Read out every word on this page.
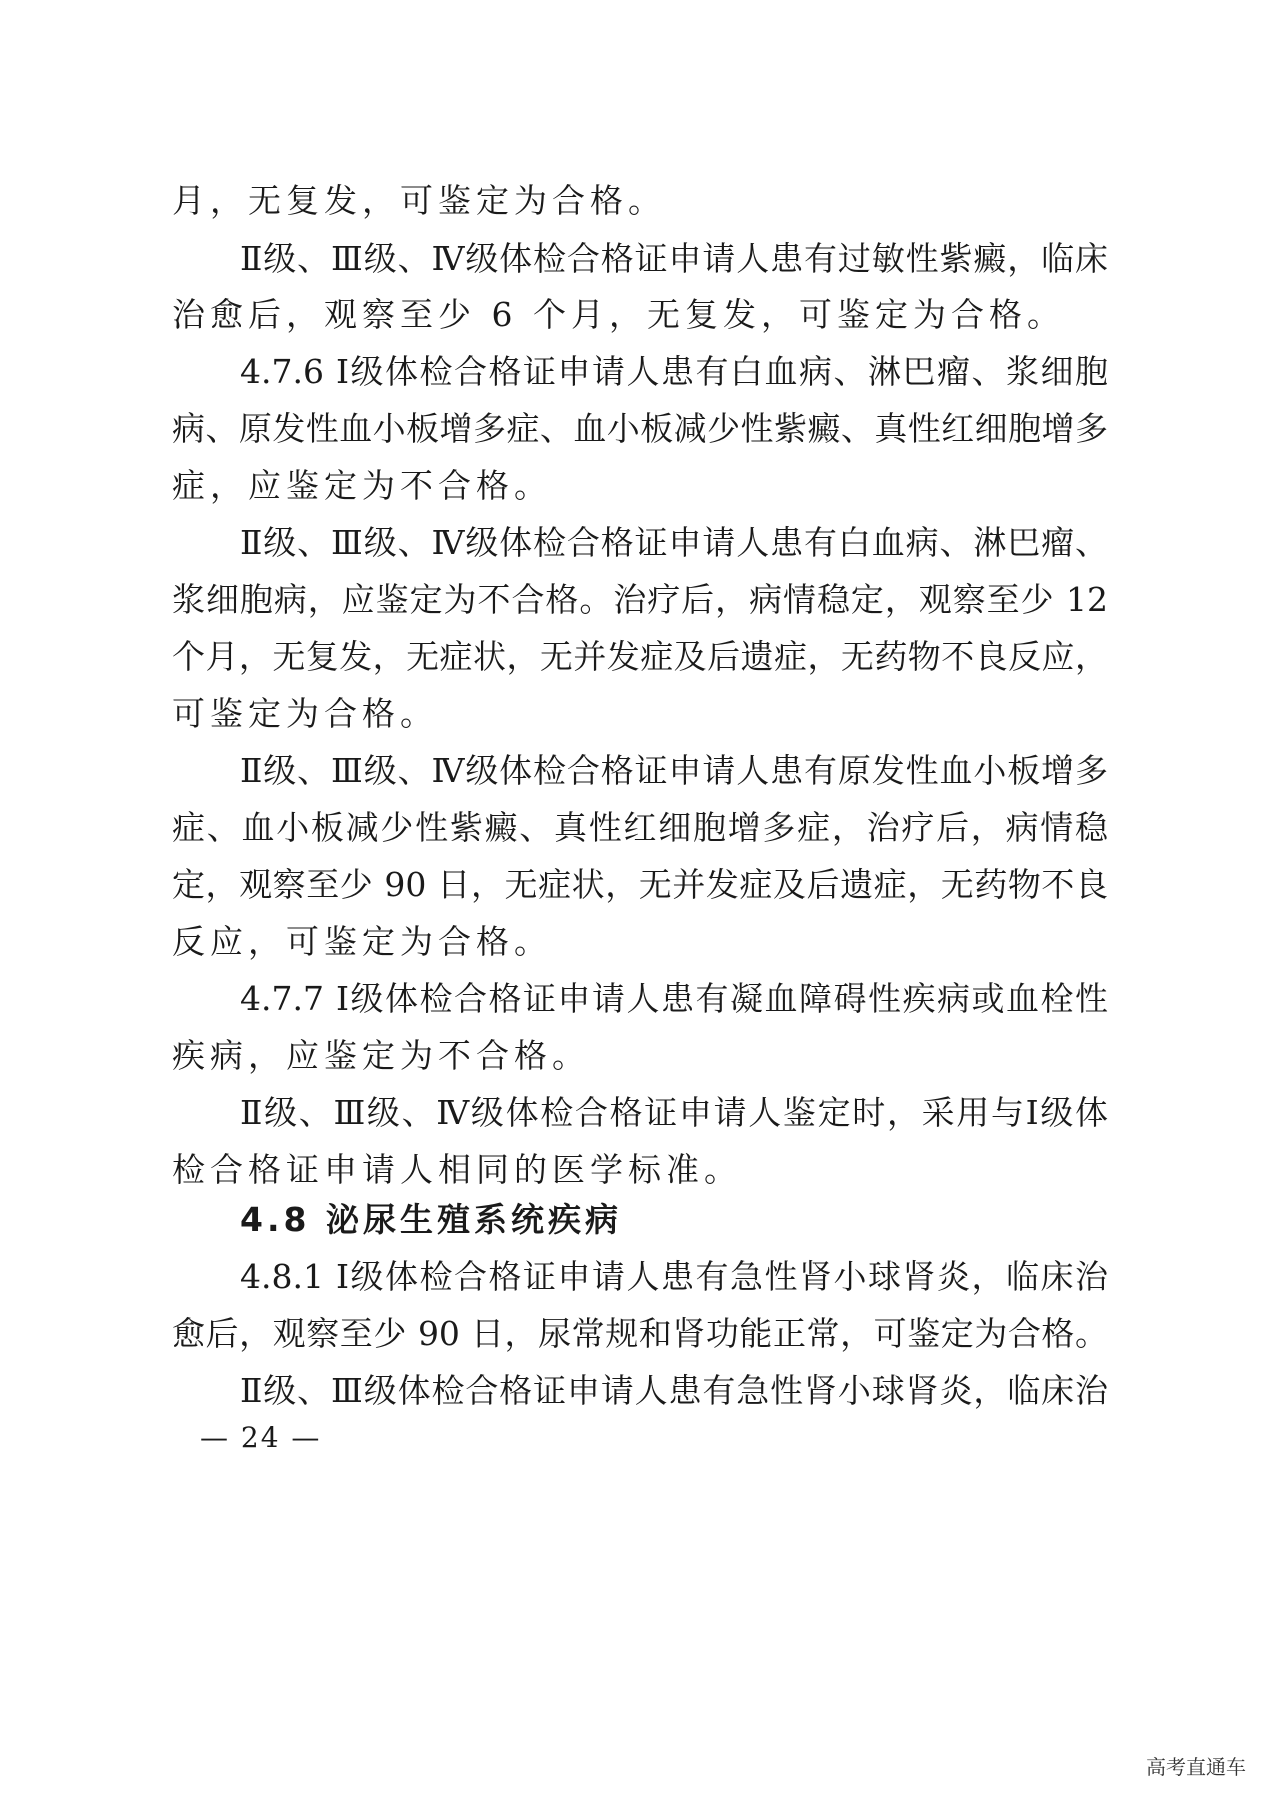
月，无复发，可鉴定为合格。
Ⅱ级、Ⅲ级、Ⅳ级体检合格证申请人患有过敏性紫癜，临床
治愈后，观察至少 6 个月，无复发，可鉴定为合格。
4.7.6 Ⅰ级体检合格证申请人患有白血病、淋巴瘤、浆细胞
病、原发性血小板增多症、血小板减少性紫癜、真性红细胞增多
症，应鉴定为不合格。
Ⅱ级、Ⅲ级、Ⅳ级体检合格证申请人患有白血病、淋巴瘤、
浆细胞病，应鉴定为不合格。治疗后，病情稳定，观察至少 12
个月，无复发，无症状，无并发症及后遗症，无药物不良反应，
可鉴定为合格。
Ⅱ级、Ⅲ级、Ⅳ级体检合格证申请人患有原发性血小板增多
症、血小板减少性紫癜、真性红细胞增多症，治疗后，病情稳
定，观察至少 90 日，无症状，无并发症及后遗症，无药物不良
反应，可鉴定为合格。
4.7.7 Ⅰ级体检合格证申请人患有凝血障碍性疾病或血栓性
疾病，应鉴定为不合格。
Ⅱ级、Ⅲ级、Ⅳ级体检合格证申请人鉴定时，采用与Ⅰ级体
检合格证申请人相同的医学标准。
4.8 泌尿生殖系统疾病
4.8.1 Ⅰ级体检合格证申请人患有急性肾小球肾炎，临床治
愈后，观察至少 90 日，尿常规和肾功能正常，可鉴定为合格。
Ⅱ级、Ⅲ级体检合格证申请人患有急性肾小球肾炎，临床治
— 24 —
高考直通车
